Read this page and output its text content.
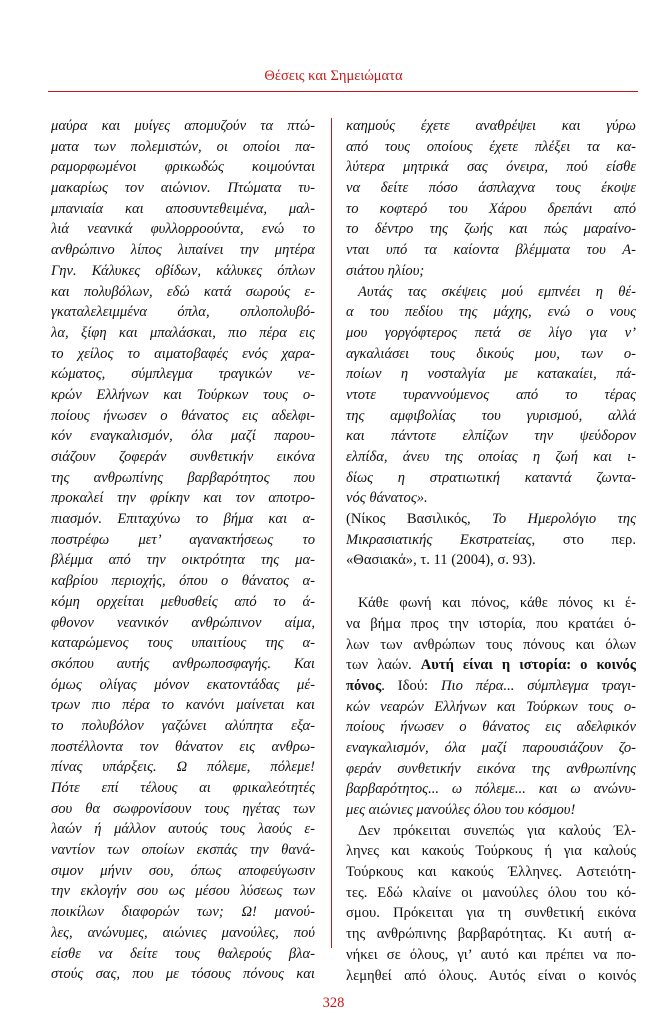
Θέσεις και Σημειώματα
μαύρα και μυίγες απομυζούν τα πτώ-
ματα των πολεμιστών, οι οποίοι πα-
ραμορφωμένοι φρικωδώς κοιμούνται
μακαρίως τον αιώνιον. Πτώματα τυ-
μπανιαία και αποσυντεθειμένα, μαλ-
λιά νεανικά φυλλορροούντα, ενώ το
ανθρώπινο λίπος λιπαίνει την μητέρα
Γην. Κάλυκες οβίδων, κάλυκες όπλων
και πολυβόλων, εδώ κατά σωρούς ε-
γκαταλελειμμένα όπλα, οπλοπολυβό-
λα, ξίφη και μπαλάσκαι, πιο πέρα εις
το χείλος το αιματοβαφές ενός χαρα-
κώματος, σύμπλεγμα τραγικών νε-
κρών Ελλήνων και Τούρκων τους ο-
ποίους ήνωσεν ο θάνατος εις αδελφι-
κόν εναγκαλισμόν, όλα μαζί παρου-
σιάζουν ζοφεράν συνθετικήν εικόνα
της ανθρωπίνης βαρβαρότητος που
προκαλεί την φρίκην και τον αποτρο-
πιασμόν. Επιταχύνω το βήμα και α-
ποστρέφω μετ’ αγανακτήσεως το
βλέμμα από την οικτρότητα της μα-
καβρίου περιοχής, όπου ο θάνατος α-
κόμη ορχείται μεθυσθείς από το ά-
φθονον νεανικόν ανθρώπινον αίμα,
καταρώμενος τους υπαιτίους της α-
σκόπου αυτής ανθρωποσφαγής. Και
όμως ολίγας μόνον εκατοντάδας μέ-
τρων πιο πέρα το κανόνι μαίνεται και
το πολυβόλον γαζώνει αλύπητα εξα-
ποστέλλοντα τον θάνατον εις ανθρω-
πίνας υπάρξεις. Ω πόλεμε, πόλεμε!
Πότε επί τέλους αι φρικαλεότητές
σου θα σωφρονίσουν τους ηγέτας των
λαών ή μάλλον αυτούς τους λαούς ε-
ναντίον των οποίων εκσπάς την θανά-
σιμον μήνιν σου, όπως αποφεύγωσιν
την εκλογήν σου ως μέσου λύσεως των
ποικίλων διαφορών των; Ω! μανού-
λες, ανώνυμες, αιώνιες μανούλες, πού
είσθε να δείτε τους θαλερούς βλα-
στούς σας, που με τόσους πόνους και
καημούς έχετε αναθρέψει και γύρω
από τους οποίους έχετε πλέξει τα κα-
λύτερα μητρικά σας όνειρα, πού είσθε
να δείτε πόσο άσπλαχνα τους έκοψε
το κοφτερό του Χάρου δρεπάνι από
το δέντρο της ζωής και πώς μαραίνο-
νται υπό τα καίοντα βλέμματα του Α-
σιάτου ηλίου;
Αυτάς τας σκέψεις μού εμπνέει η θέ-
α του πεδίου της μάχης, ενώ ο νους
μου γοργόφτερος πετά σε λίγο για ν’
αγκαλιάσει τους δικούς μου, των ο-
ποίων η νοσταλγία με κατακαίει, πά-
ντοτε τυραννούμενος από το τέρας
της αμφιβολίας του γυρισμού, αλλά
και πάντοτε ελπίζων την ψεύδορον
ελπίδα, άνευ της οποίας η ζωή και ι-
δίως η στρατιωτική καταντά ζωντα-
νός θάνατος».
(Νίκος Βασιλικός, Το Ημερολόγιο της
Μικρασιατικής Εκστρατείας, στο περ.
«Θασιακά», τ. 11 (2004), σ. 93).
Κάθε φωνή και πόνος, κάθε πόνος κι έ-
να βήμα προς την ιστορία, που κρατάει ό-
λων των ανθρώπων τους πόνους και όλων
των λαών. Αυτή είναι η ιστορία: ο κοινός
πόνος. Ιδού: Πιο πέρα... σύμπλεγμα τραγι-
κών νεαρών Ελλήνων και Τούρκων τους ο-
ποίους ήνωσεν ο θάνατος εις αδελφικόν
εναγκαλισμόν, όλα μαζί παρουσιάζουν ζο-
φεράν συνθετικήν εικόνα της ανθρωπίνης
βαρβαρότητος... ω πόλεμε... και ω ανώνυ-
μες αιώνιες μανούλες όλου του κόσμου!
Δεν πρόκειται συνεπώς για καλούς Έλ-
ληνες και κακούς Τούρκους ή για καλούς
Τούρκους και κακούς Έλληνες. Αστειότη-
τες. Εδώ κλαίνε οι μανούλες όλου του κό-
σμου. Πρόκειται για τη συνθετική εικόνα
της ανθρώπινης βαρβαρότητας. Κι αυτή α-
νήκει σε όλους, γι’ αυτό και πρέπει να πο-
λεμηθεί από όλους. Αυτός είναι ο κοινός
328
